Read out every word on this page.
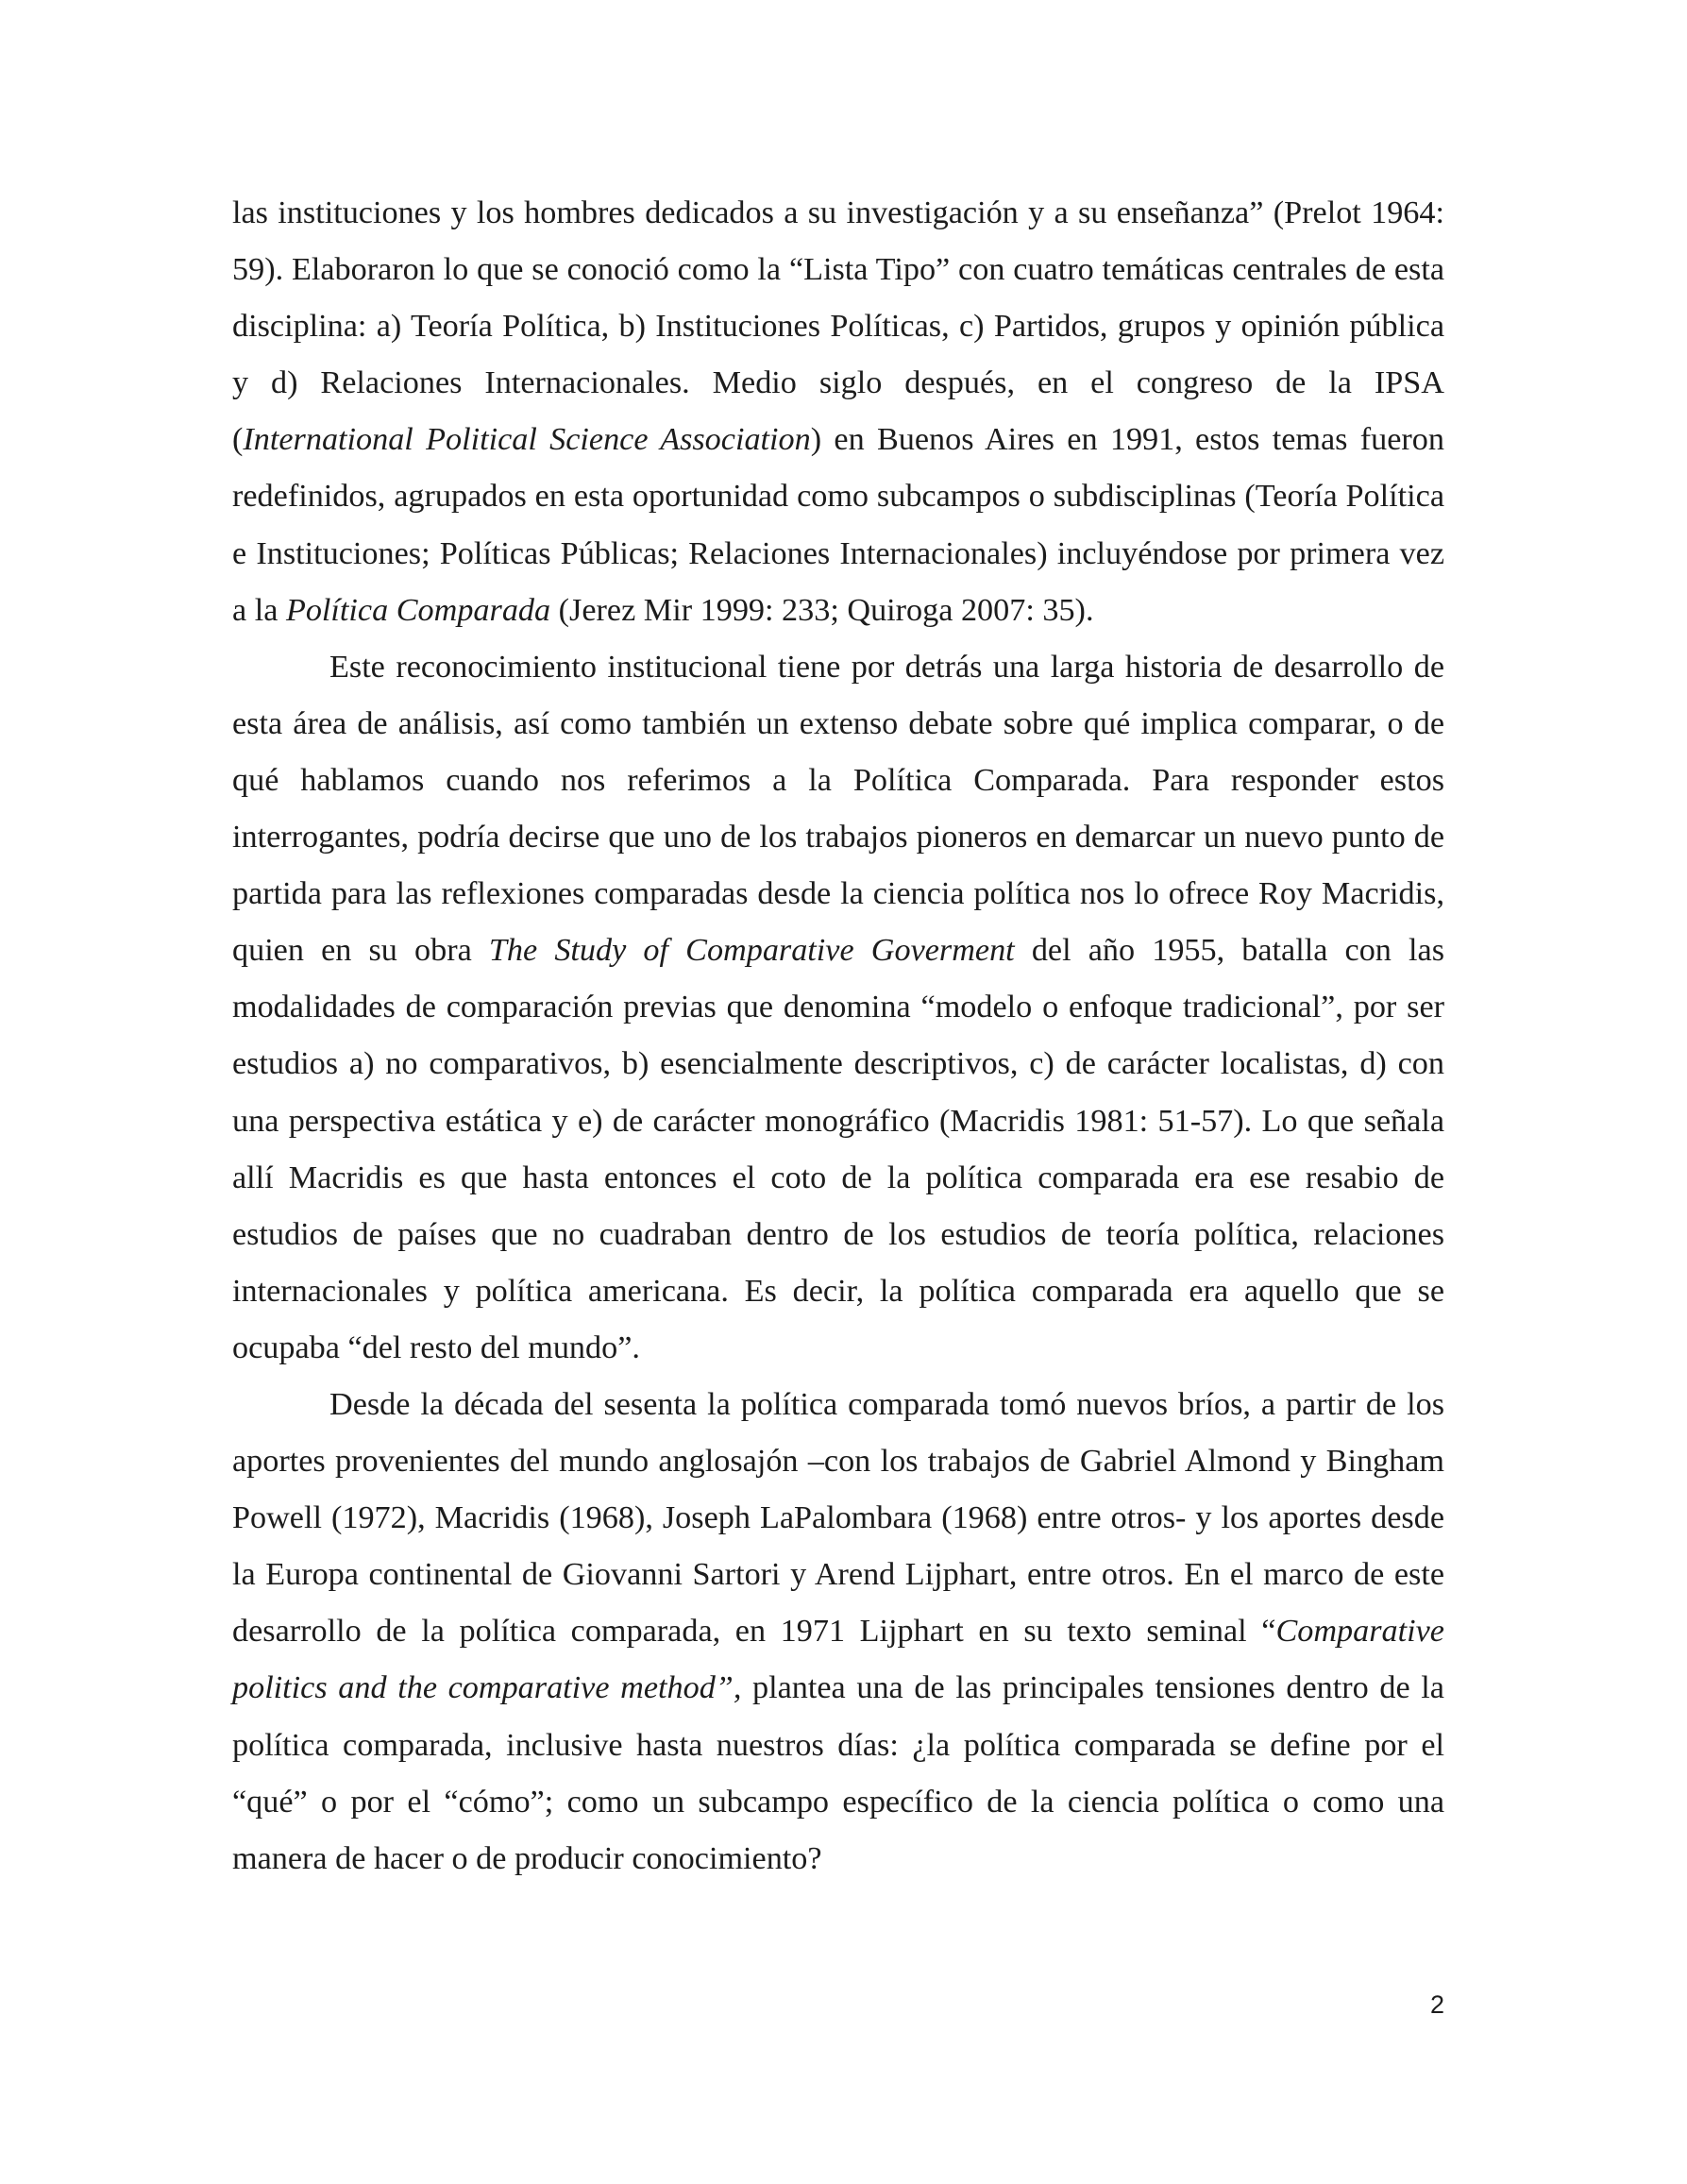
las instituciones y los hombres dedicados a su investigación y a su enseñanza” (Prelot 1964: 59). Elaboraron lo que se conoció como la “Lista Tipo” con cuatro temáticas centrales de esta disciplina: a) Teoría Política, b) Instituciones Políticas, c) Partidos, grupos y opinión pública y d) Relaciones Internacionales. Medio siglo después, en el congreso de la IPSA (International Political Science Association) en Buenos Aires en 1991, estos temas fueron redefinidos, agrupados en esta oportunidad como subcampos o subdisciplinas (Teoría Política e Instituciones; Políticas Públicas; Relaciones Internacionales) incluyéndose por primera vez a la Política Comparada (Jerez Mir 1999: 233; Quiroga 2007: 35).

Este reconocimiento institucional tiene por detrás una larga historia de desarrollo de esta área de análisis, así como también un extenso debate sobre qué implica comparar, o de qué hablamos cuando nos referimos a la Política Comparada. Para responder estos interrogantes, podría decirse que uno de los trabajos pioneros en demarcar un nuevo punto de partida para las reflexiones comparadas desde la ciencia política nos lo ofrece Roy Macridis, quien en su obra The Study of Comparative Goverment del año 1955, batalla con las modalidades de comparación previas que denomina “modelo o enfoque tradicional”, por ser estudios a) no comparativos, b) esencialmente descriptivos, c) de carácter localistas, d) con una perspectiva estática y e) de carácter monográfico (Macridis 1981: 51-57). Lo que señala allí Macridis es que hasta entonces el coto de la política comparada era ese resabio de estudios de países que no cuadraban dentro de los estudios de teoría política, relaciones internacionales y política americana. Es decir, la política comparada era aquello que se ocupaba “del resto del mundo”.

Desde la década del sesenta la política comparada tomó nuevos bríos, a partir de los aportes provenientes del mundo anglosajón –con los trabajos de Gabriel Almond y Bingham Powell (1972), Macridis (1968), Joseph LaPalombara (1968) entre otros- y los aportes desde la Europa continental de Giovanni Sartori y Arend Lijphart, entre otros. En el marco de este desarrollo de la política comparada, en 1971 Lijphart en su texto seminal “Comparative politics and the comparative method”, plantea una de las principales tensiones dentro de la política comparada, inclusive hasta nuestros días: ¿la política comparada se define por el “qué” o por el “cómo”; como un subcampo específico de la ciencia política o como una manera de hacer o de producir conocimiento?

2
